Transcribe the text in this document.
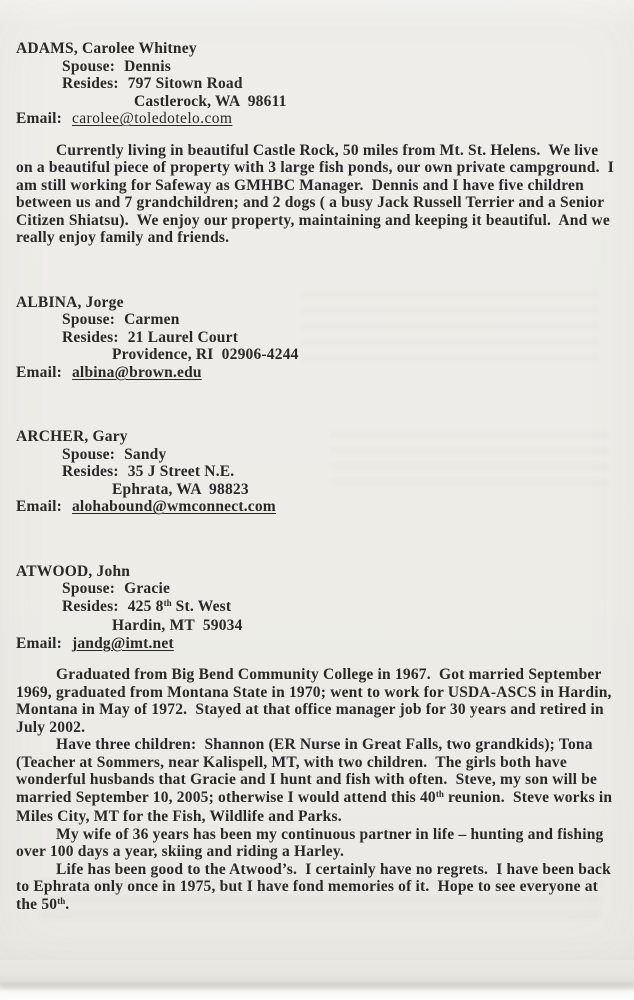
ADAMS, Carolee Whitney
Spouse: Dennis
Resides: 797 Sitown Road
Castlerock, WA  98611
Email: carolee@toledotelo.com

Currently living in beautiful Castle Rock, 50 miles from Mt. St. Helens.  We live on a beautiful piece of property with 3 large fish ponds, our own private campground.  I am still working for Safeway as GMHBC Manager.  Dennis and I have five children between us and 7 grandchildren; and 2 dogs ( a busy Jack Russell Terrier and a Senior Citizen Shiatsu).  We enjoy our property, maintaining and keeping it beautiful.  And we really enjoy family and friends.

ALBINA, Jorge
Spouse: Carmen
Resides: 21 Laurel Court
Providence, RI  02906-4244
Email: albina@brown.edu
ARCHER, Gary
Spouse: Sandy
Resides: 35 J Street N.E.
Ephrata, WA  98823
Email: alohabound@wmconnect.com
ATWOOD, John
Spouse: Gracie
Resides: 425 8th St. West
Hardin, MT  59034
Email: jandg@imt.net

Graduated from Big Bend Community College in 1967.  Got married September 1969, graduated from Montana State in 1970; went to work for USDA-ASCS in Hardin, Montana in May of 1972.  Stayed at that office manager job for 30 years and retired in July 2002.

Have three children:  Shannon (ER Nurse in Great Falls, two grandkids); Tona (Teacher at Sommers, near Kalispell, MT, with two children.  The girls both have wonderful husbands that Gracie and I hunt and fish with often.  Steve, my son will be married September 10, 2005; otherwise I would attend this 40th reunion.  Steve works in Miles City, MT for the Fish, Wildlife and Parks.

My wife of 36 years has been my continuous partner in life – hunting and fishing over 100 days a year, skiing and riding a Harley.

Life has been good to the Atwood’s.  I certainly have no regrets.  I have been back to Ephrata only once in 1975, but I have fond memories of it.  Hope to see everyone at the 50th.
